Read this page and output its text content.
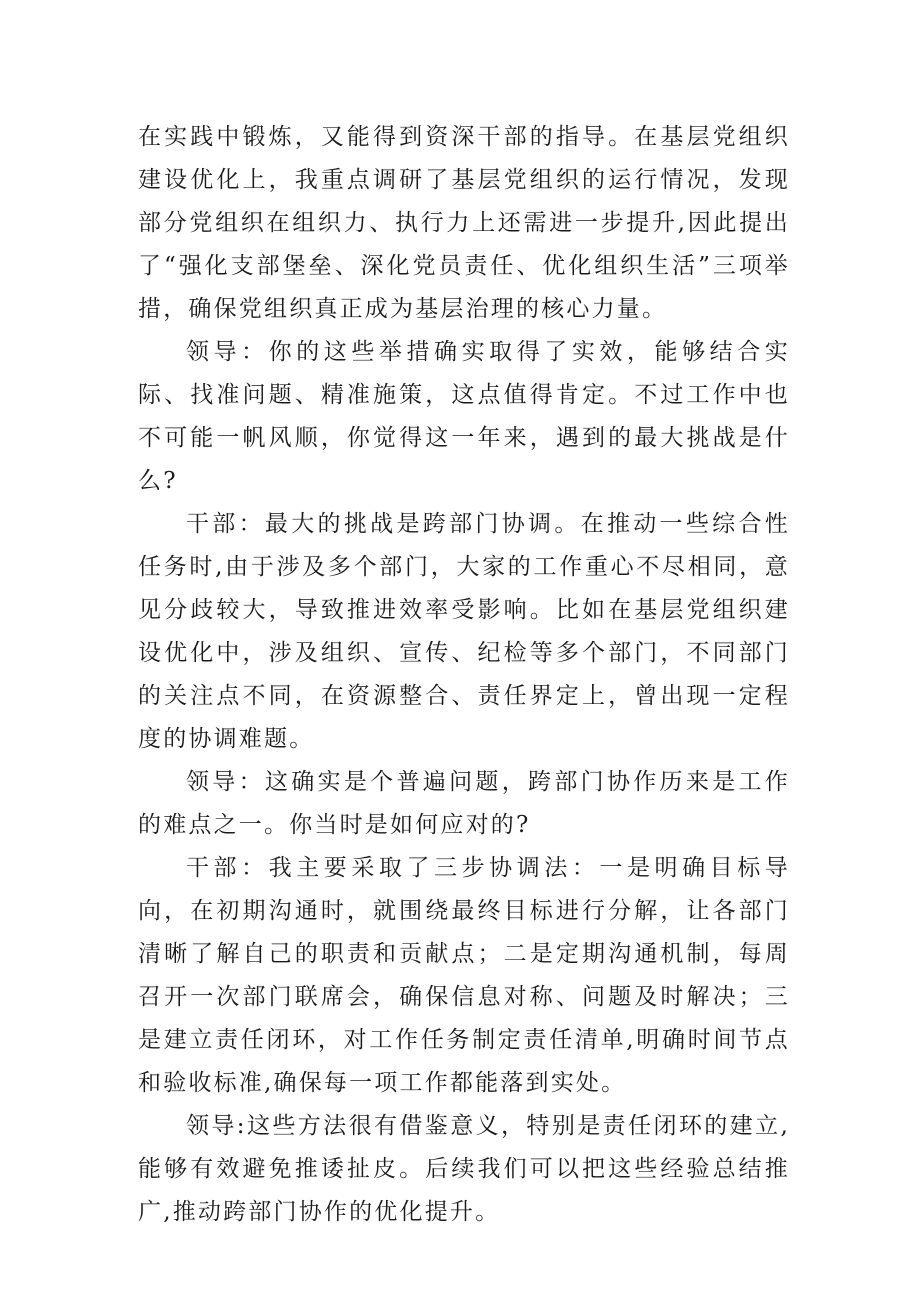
在实践中锻炼，又能得到资深干部的指导。在基层党组织建设优化上，我重点调研了基层党组织的运行情况，发现部分党组织在组织力、执行力上还需进一步提升,因此提出了“强化支部堡垒、深化党员责任、优化组织生活”三项举措，确保党组织真正成为基层治理的核心力量。

领导：你的这些举措确实取得了实效，能够结合实际、找准问题、精准施策，这点值得肯定。不过工作中也不可能一帆风顺，你觉得这一年来，遇到的最大挑战是什么?

干部：最大的挑战是跨部门协调。在推动一些综合性任务时,由于涉及多个部门，大家的工作重心不尽相同，意见分歧较大，导致推进效率受影响。比如在基层党组织建设优化中，涉及组织、宣传、纪检等多个部门，不同部门的关注点不同，在资源整合、责任界定上，曾出现一定程度的协调难题。

领导：这确实是个普遍问题，跨部门协作历来是工作的难点之一。你当时是如何应对的?

干部：我主要采取了三步协调法：一是明确目标导向，在初期沟通时，就围绕最终目标进行分解，让各部门清晰了解自己的职责和贡献点；二是定期沟通机制，每周召开一次部门联席会，确保信息对称、问题及时解决；三是建立责任闭环，对工作任务制定责任清单,明确时间节点和验收标准,确保每一项工作都能落到实处。

领导:这些方法很有借鉴意义，特别是责任闭环的建立,能够有效避免推诿扯皮。后续我们可以把这些经验总结推广,推动跨部门协作的优化提升。
